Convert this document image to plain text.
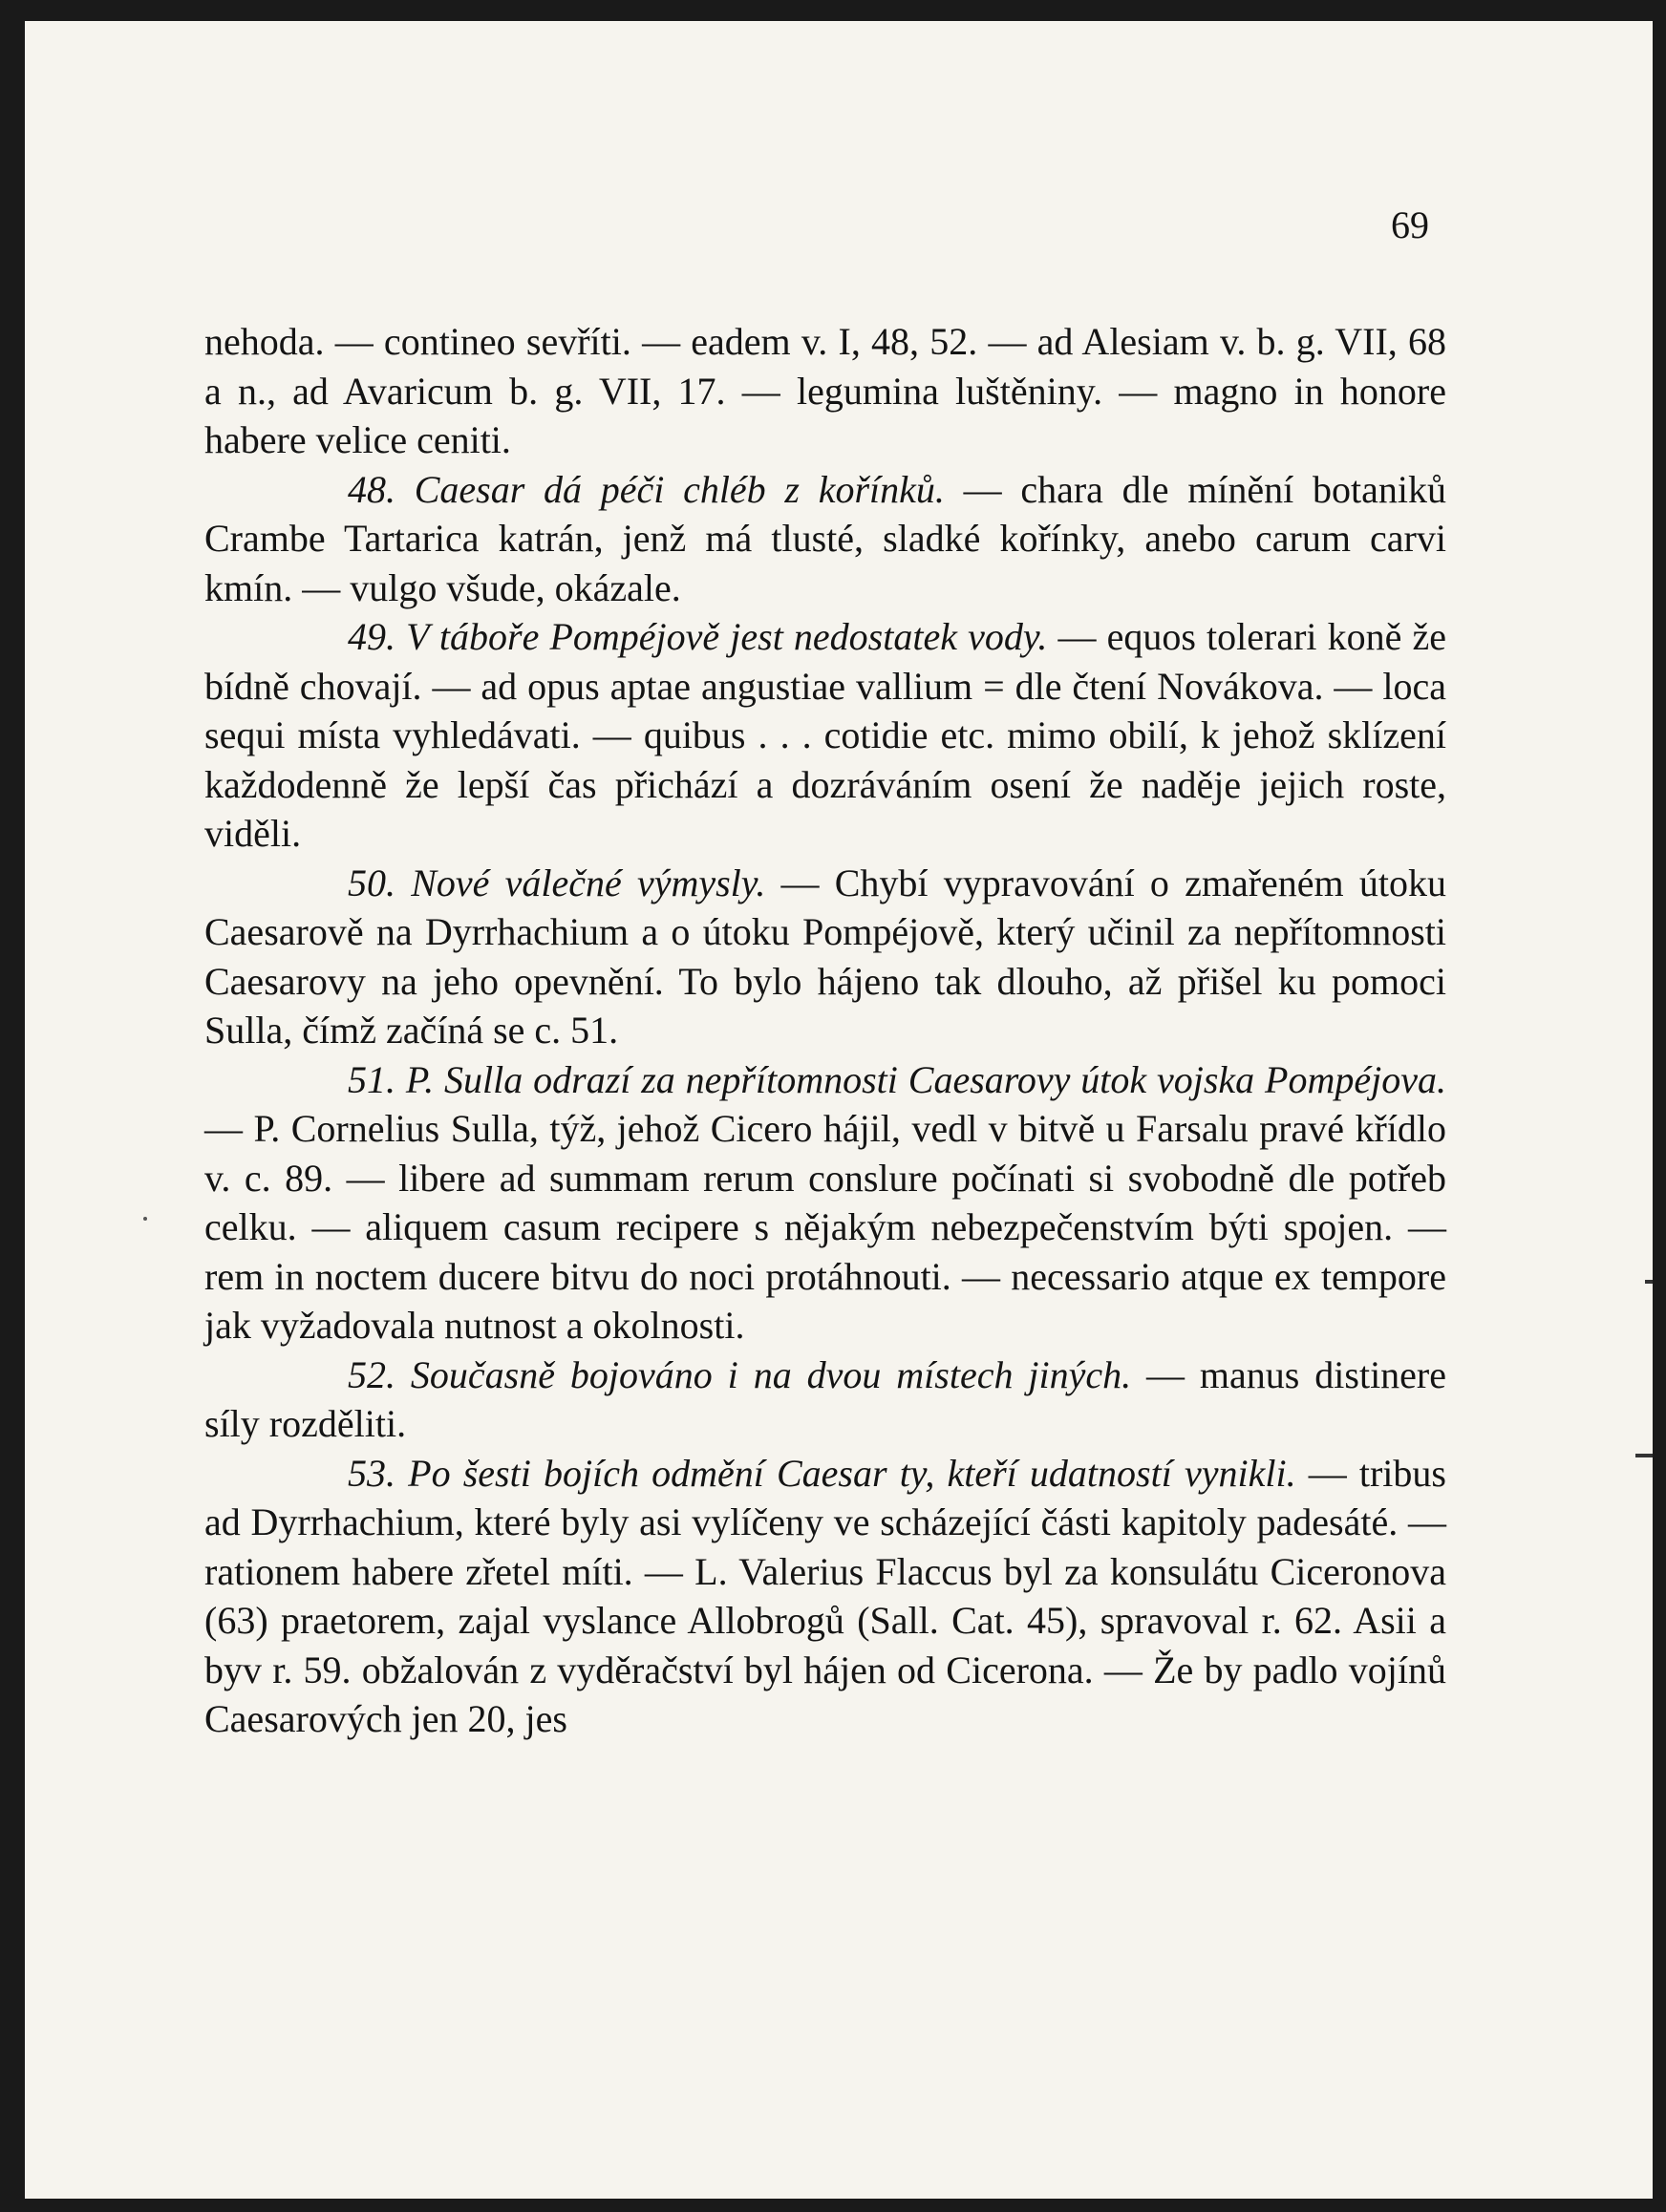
69

nehoda. — contineo sevříti. — eadem v. I, 48, 52. — ad Alesiam v. b. g. VII, 68 a n., ad Avaricum b. g. VII, 17. — legumina luštěniny. — magno in honore habere velice ceniti.

48. Caesar dá péči chléb z kořínků. — chara dle mínění botaniků Crambe Tartarica katrán, jenž má tlusté, sladké kořínky, anebo carum carvi kmín. — vulgo všude, okázale.

49. V táboře Pompéjově jest nedostatek vody. — equos tolerari koně že bídně chovají. — ad opus aptae angustiae vallium = dle čtení Novákova. — loca sequi místa vyhledávati. — quibus . . . cotidie etc. mimo obilí, k jehož sklízení každodenně že lepší čas přichází a dozráváním osení že naděje jejich roste, viděli.

50. Nové válečné výmysly. — Chybí vypravování o zmařeném útoku Caesarově na Dyrrhachium a o útoku Pompéjově, který učinil za nepřítomnosti Caesarovy na jeho opevnění. To bylo hájeno tak dlouho, až přišel ku pomoci Sulla, čímž začíná se c. 51.

51. P. Sulla odrazí za nepřítomnosti Caesarovy útok vojska Pompéjova. — P. Cornelius Sulla, týž, jehož Cicero hájil, vedl v bitvě u Farsalu pravé křídlo v. c. 89. — libere ad summam rerum conslure počínati si svobodně dle potřeb celku. — aliquem casum recipere s nějakým nebezpečenstvím býti spojen. — rem in noctem ducere bitvu do noci protáhnouti. — necessario atque ex tempore jak vyžadovala nutnost a okolnosti.

52. Současně bojováno i na dvou místech jiných. — manus distinere síly rozděliti.

53. Po šesti bojích odmění Caesar ty, kteří udatností vynikli. — tribus ad Dyrrhachium, které byly asi vylíčeny ve scházející části kapitoly padesáté. — rationem habere zřetel míti. — L. Valerius Flaccus byl za konsulátu Ciceronova (63) praetorem, zajal vyslance Allobrogů (Sall. Cat. 45), spravoval r. 62. Asii a byv r. 59. obžalován z vyděračství byl hájen od Cicerona. — Že by padlo vojínů Caesarových jen 20, jes
